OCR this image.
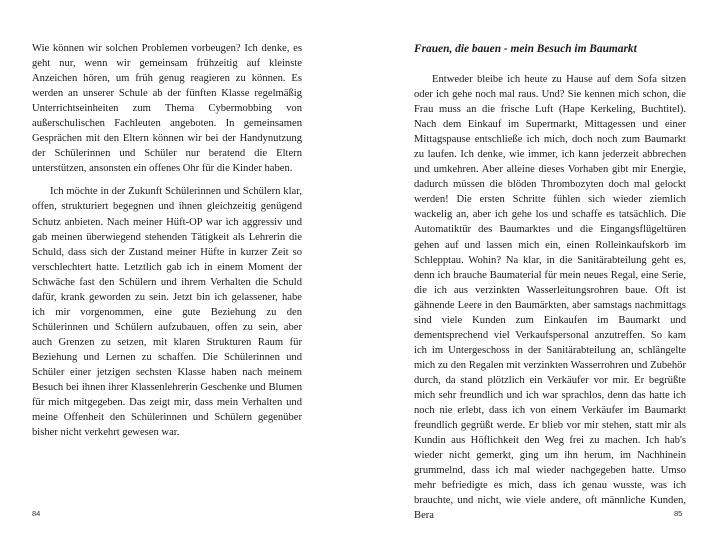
Wie können wir solchen Problemen vorbeugen? Ich denke, es geht nur, wenn wir gemeinsam frühzeitig auf kleinste Anzeichen hören, um früh genug reagieren zu können. Es werden an unserer Schule ab der fünften Klasse regelmäßig Unterrichtseinheiten zum Thema Cybermobbing von außerschulischen Fachleuten angeboten. In gemeinsamen Gesprächen mit den Eltern können wir bei der Handynutzung der Schülerinnen und Schüler nur beratend die Eltern unterstützen, ansonsten ein offenes Ohr für die Kinder haben.

Ich möchte in der Zukunft Schülerinnen und Schülern klar, offen, strukturiert begegnen und ihnen gleichzeitig genügend Schutz anbieten. Nach meiner Hüft-OP war ich aggressiv und gab meinen überwiegend stehenden Tätigkeit als Lehrerin die Schuld, dass sich der Zustand meiner Hüfte in kurzer Zeit so verschlechtert hatte. Letztlich gab ich in einem Moment der Schwäche fast den Schülern und ihrem Verhalten die Schuld dafür, krank geworden zu sein. Jetzt bin ich gelassener, habe ich mir vorgenommen, eine gute Beziehung zu den Schülerinnen und Schülern aufzubauen, offen zu sein, aber auch Grenzen zu setzen, mit klaren Strukturen Raum für Beziehung und Lernen zu schaffen. Die Schülerinnen und Schüler einer jetzigen sechsten Klasse haben nach meinem Besuch bei ihnen ihrer Klassenlehrerin Geschenke und Blumen für mich mitgegeben. Das zeigt mir, dass mein Verhalten und meine Offenheit den Schülerinnen und Schülern gegenüber bisher nicht verkehrt gewesen war.

84
Frauen, die bauen - mein Besuch im Baumarkt

Entweder bleibe ich heute zu Hause auf dem Sofa sitzen oder ich gehe noch mal raus. Und? Sie kennen mich schon, die Frau muss an die frische Luft (Hape Kerkeling, Buchtitel). Nach dem Einkauf im Supermarkt, Mittagessen und einer Mittagspause entschließe ich mich, doch noch zum Baumarkt zu laufen. Ich denke, wie immer, ich kann jederzeit abbrechen und umkehren. Aber alleine dieses Vorhaben gibt mir Energie, dadurch müssen die blöden Thrombozyten doch mal gelockt werden! Die ersten Schritte fühlen sich wieder ziemlich wackelig an, aber ich gehe los und schaffe es tatsächlich. Die Automatiktür des Baumarktes und die Eingangsflügeltüren gehen auf und lassen mich ein, einen Rolleinkaufskorb im Schlepptau. Wohin? Na klar, in die Sanitärabteilung geht es, denn ich brauche Baumaterial für mein neues Regal, eine Serie, die ich aus verzinkten Wasserleitungsrohren baue. Oft ist gähnende Leere in den Baumärkten, aber samstags nachmittags sind viele Kunden zum Einkaufen im Baumarkt und dementsprechend viel Verkaufspersonal anzutreffen. So kam ich im Untergeschoss in der Sanitärabteilung an, schlängelte mich zu den Regalen mit verzinkten Wasserrohren und Zubehör durch, da stand plötzlich ein Verkäufer vor mir. Er begrüßte mich sehr freundlich und ich war sprachlos, denn das hatte ich noch nie erlebt, dass ich von einem Verkäufer im Baumarkt freundlich gegrüßt werde. Er blieb vor mir stehen, statt mir als Kundin aus Höflichkeit den Weg frei zu machen. Ich hab's wieder nicht gemerkt, ging um ihn herum, im Nachhinein grummelnd, dass ich mal wieder nachgegeben hatte. Umso mehr befriedigte es mich, dass ich genau wusste, was ich brauchte, und nicht, wie viele andere, oft männliche Kunden, Bera	85
